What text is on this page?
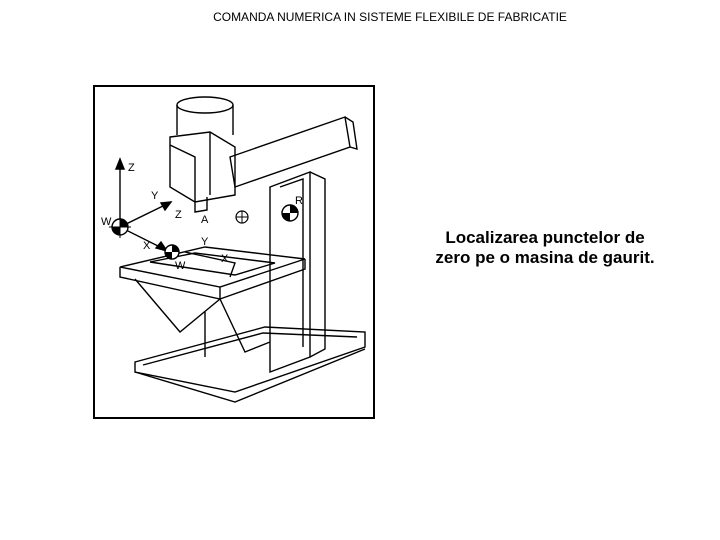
COMANDA NUMERICA IN SISTEME FLEXIBILE DE FABRICATIE
Z
Y
W
X
Z A
R
Y
X
W
Localizarea punctelor de zero pe o masina de gaurit.
